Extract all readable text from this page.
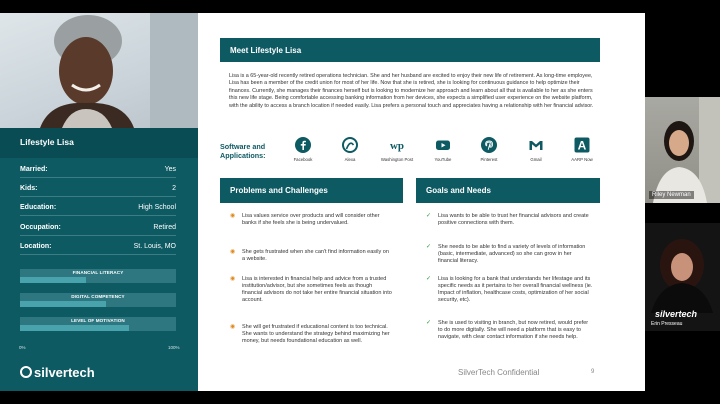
Lifestyle Lisa
Married:	Yes
Kids:	2
Education:	High School
Occupation:	Retired
Location:	St. Louis, MO
FINANCIAL LITERACY
DIGITAL COMPETENCY
LEVEL OF MOTIVATION
0%	100%
silvertech
Meet Lifestyle Lisa
Lisa is a 65-year-old recently retired operations technician. She and her husband are excited to enjoy their new life of retirement. As long-time employee, Lisa has been a member of the credit union for most of her life. Now that she is retired, she is looking for continuous guidance to help optimize their finances. Currently, she manages their finances herself but is looking to modernize her approach and learn about all that is available to her as she enters this new life stage. Being comfortable accessing banking information from her devices, she expects a simplified user experience on the website platform, with the ability to access a branch location if needed easily. Lisa prefers a personal touch and appreciates having a relationship with her financial advisor.
Software and Applications:	Facebook	Alexa
wp
Washington Post	YouTube	Pinterest	Gmail
A
AARP Now
Problems and Challenges
◉ Lisa values service over products and will consider other banks if she feels she is being undervalued.
◉ She gets frustrated when she can't find information easily on a website.
◉ Lisa is interested in financial help and advice from a trusted institution/advisor, but she sometimes feels as though financial advisors do not take her entire financial situation into account.
◉ She will get frustrated if educational content is too technical. She wants to understand the strategy behind maximizing her money, but needs foundational education as well.
Goals and Needs
✓ Lisa wants to be able to trust her financial advisors and create positive connections with them.
✓ She needs to be able to find a variety of levels of information (basic, intermediate, advanced) so she can grow in her financial literacy.
✓ Lisa is looking for a bank that understands her lifestage and its specific needs as it pertains to her overall financial wellness (ie. Impact of inflation, healthcase costs, optimization of her social security, etc).
✓ She is used to visiting in branch, but now retired, would prefer to do more digitally. She will need a platform that is easy to navigate, with clear contact information if she needs help.
SilverTech Confidential	9
Riley Newman
silvertech
Erin Presseau
